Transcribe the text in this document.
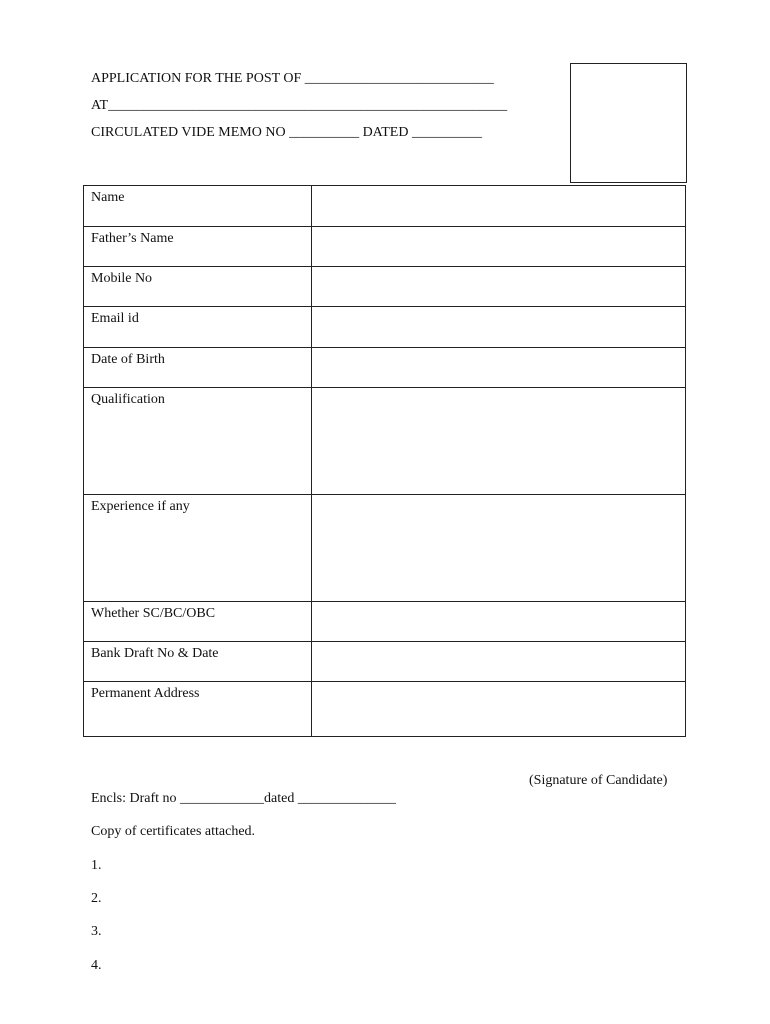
APPLICATION FOR THE POST OF ___________________________
AT_________________________________________________________
CIRCULATED VIDE MEMO NO __________ DATED __________
Name	
Father’s Name	
Mobile No	
Email id	
Date of Birth	
Qualification	
Experience if any	
Whether SC/BC/OBC	
Bank Draft No & Date	
Permanent Address	
(Signature of Candidate)
Encls: Draft no ____________dated ______________
Copy of certificates attached.
1.
2.
3.
4.
